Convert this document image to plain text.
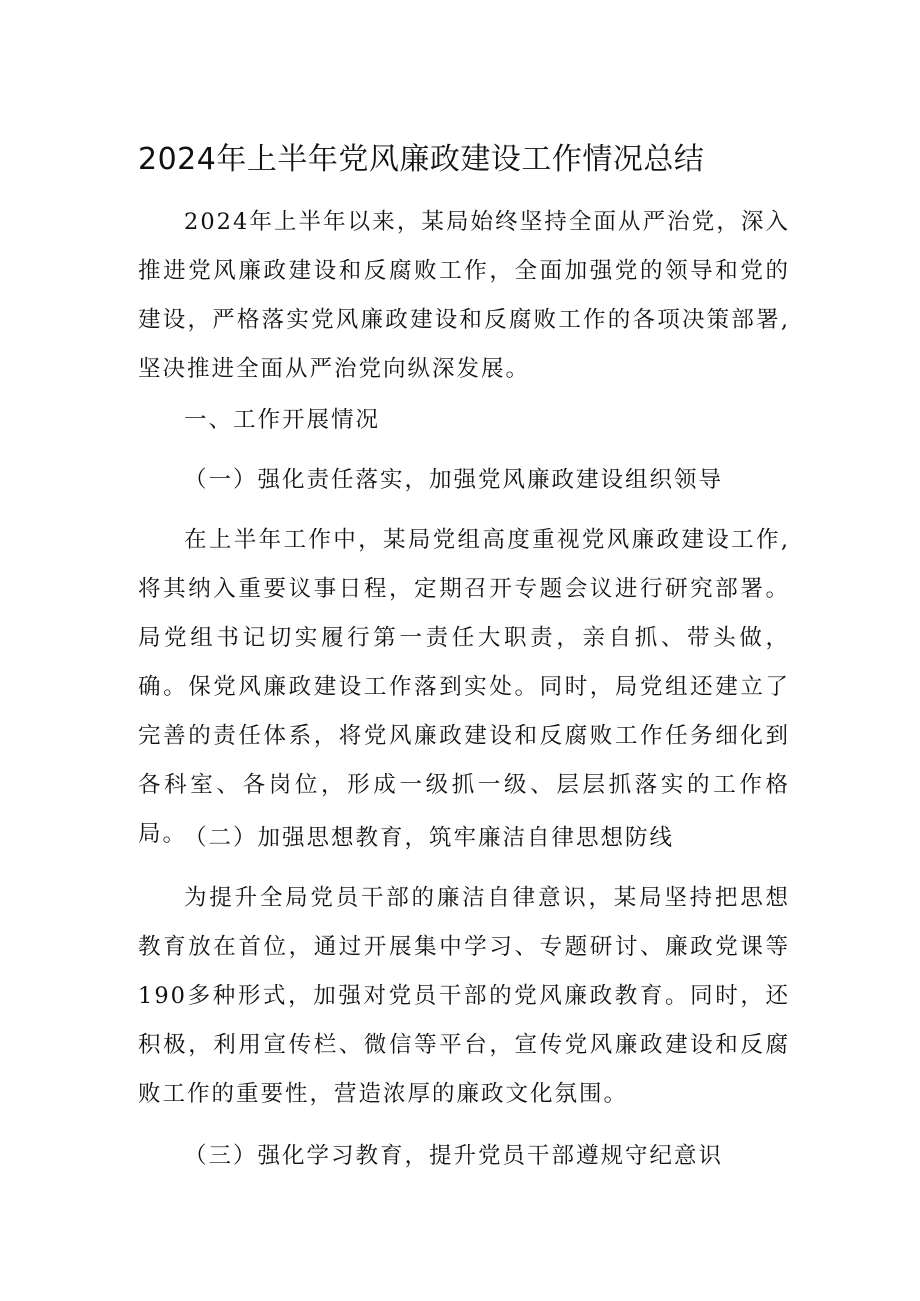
2024年上半年党风廉政建设工作情况总结

2024年上半年以来，某局始终坚持全面从严治党，深入推进党风廉政建设和反腐败工作，全面加强党的领导和党的建设，严格落实党风廉政建设和反腐败工作的各项决策部署,坚决推进全面从严治党向纵深发展。

一、工作开展情况

（一）强化责任落实，加强党风廉政建设组织领导

在上半年工作中，某局党组高度重视党风廉政建设工作,将其纳入重要议事日程，定期召开专题会议进行研究部署。局党组书记切实履行第一责任大职责，亲自抓、带头做，确。保党风廉政建设工作落到实处。同时，局党组还建立了完善的责任体系，将党风廉政建设和反腐败工作任务细化到各科室、各岗位，形成一级抓一级、层层抓落实的工作格局。

（二）加强思想教育，筑牢廉洁自律思想防线

为提升全局党员干部的廉洁自律意识，某局坚持把思想教育放在首位，通过开展集中学习、专题研讨、廉政党课等190多种形式，加强对党员干部的党风廉政教育。同时，还积极，利用宣传栏、微信等平台，宣传党风廉政建设和反腐败工作的重要性，营造浓厚的廉政文化氛围。

（三）强化学习教育，提升党员干部遵规守纪意识
